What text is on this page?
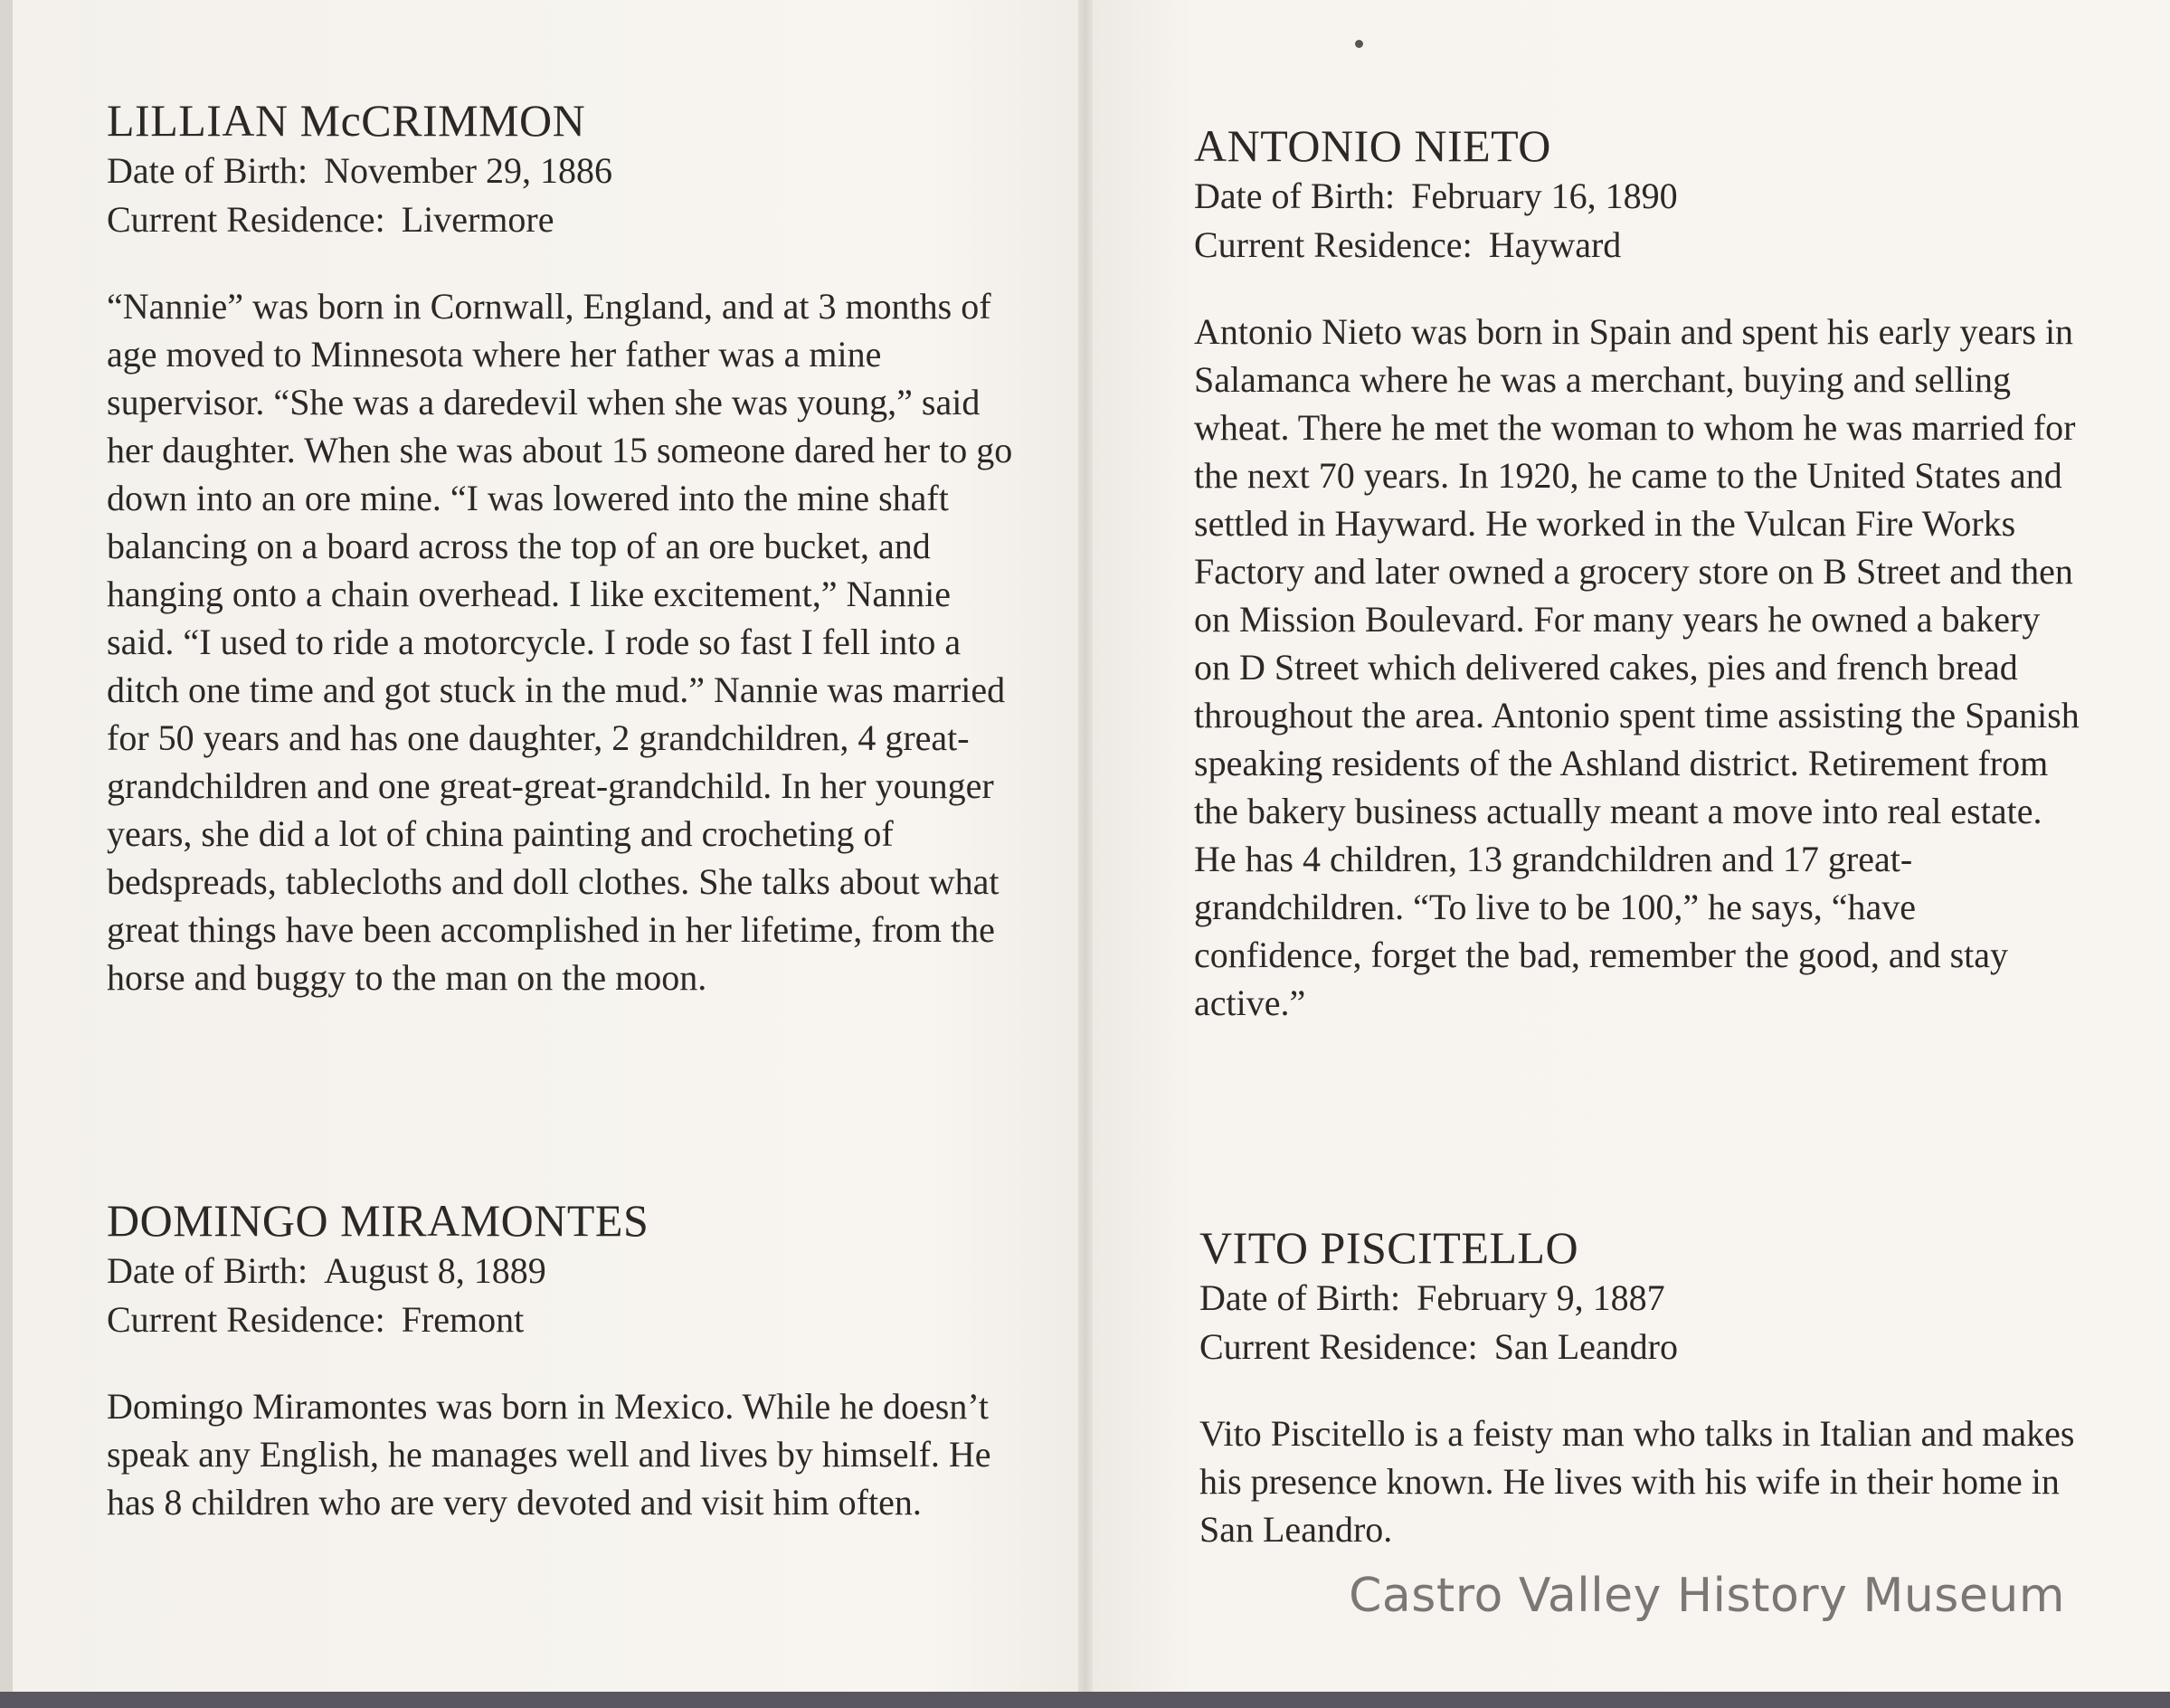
LILLIAN McCRIMMON

Date of Birth: November 29, 1886

Current Residence: Livermore

“Nannie” was born in Cornwall, England, and at 3 months of age moved to Minnesota where her father was a mine supervisor. “She was a daredevil when she was young,” said her daughter. When she was about 15 someone dared her to go down into an ore mine. “I was lowered into the mine shaft balancing on a board across the top of an ore bucket, and hanging onto a chain overhead. I like excitement,” Nannie said. “I used to ride a motorcycle. I rode so fast I fell into a ditch one time and got stuck in the mud.” Nannie was married for 50 years and has one daughter, 2 grandchildren, 4 great-grandchildren and one great-great-grandchild. In her younger years, she did a lot of china painting and crocheting of bedspreads, tablecloths and doll clothes. She talks about what great things have been accomplished in her lifetime, from the horse and buggy to the man on the moon.

DOMINGO MIRAMONTES

Date of Birth: August 8, 1889

Current Residence: Fremont

Domingo Miramontes was born in Mexico. While he doesn’t speak any English, he manages well and lives by himself. He has 8 children who are very devoted and visit him often.

ANTONIO NIETO

Date of Birth: February 16, 1890

Current Residence: Hayward

Antonio Nieto was born in Spain and spent his early years in Salamanca where he was a merchant, buying and selling wheat. There he met the woman to whom he was married for the next 70 years. In 1920, he came to the United States and settled in Hayward. He worked in the Vulcan Fire Works Factory and later owned a grocery store on B Street and then on Mission Boulevard. For many years he owned a bakery on D Street which delivered cakes, pies and french bread throughout the area. Antonio spent time assisting the Spanish speaking residents of the Ashland district. Retirement from the bakery business actually meant a move into real estate. He has 4 children, 13 grandchildren and 17 great-grandchildren. “To live to be 100,” he says, “have confidence, forget the bad, remember the good, and stay active.”

VITO PISCITELLO

Date of Birth: February 9, 1887

Current Residence: San Leandro

Vito Piscitello is a feisty man who talks in Italian and makes his presence known. He lives with his wife in their home in San Leandro.

Castro Valley History Museum
